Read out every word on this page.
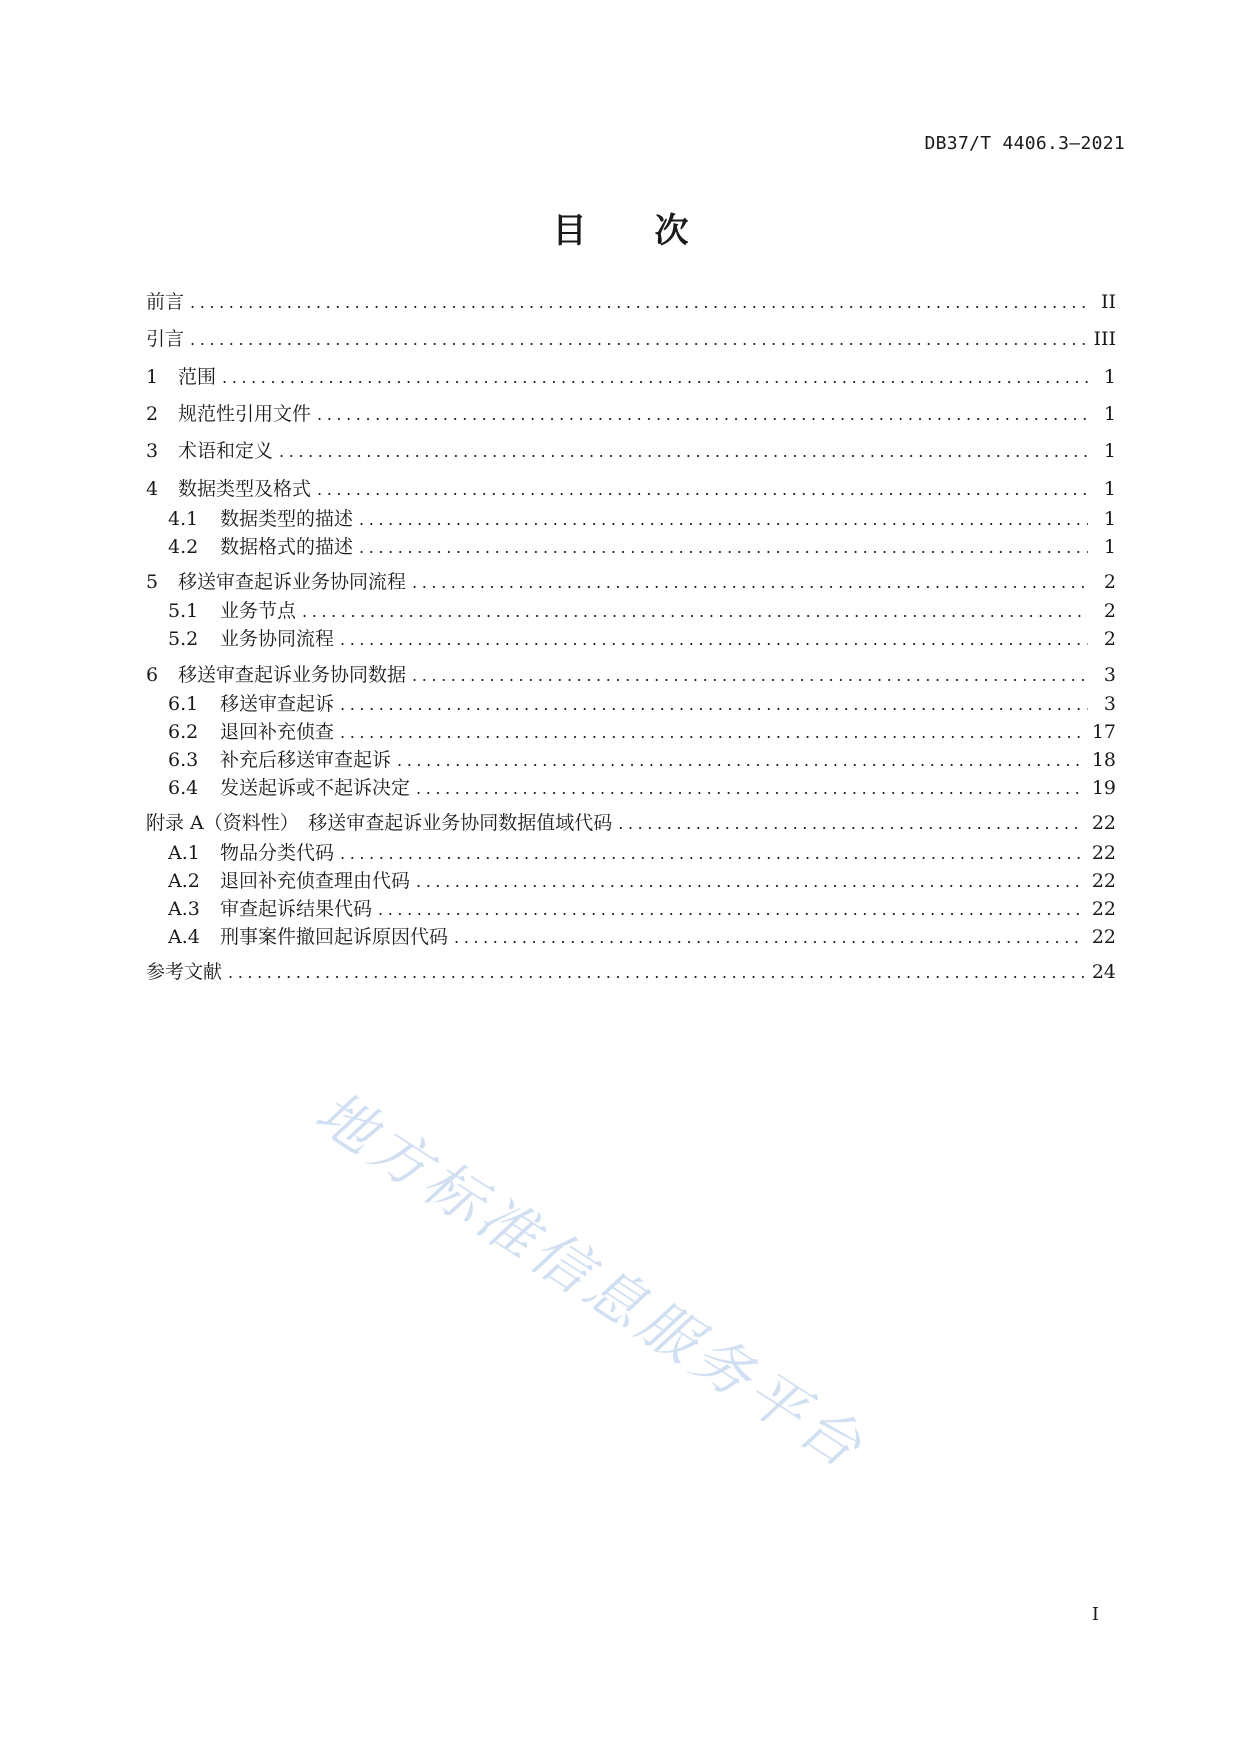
DB37/T 4406.3—2021
目 次
前言 .....	II
引言 .....	III
1	范围 .....	1
2	规范性引用文件 .....	1
3	术语和定义 .....	1
4	数据类型及格式 .....	1
4.1	数据类型的描述 .....	1
4.2	数据格式的描述 .....	1
5	移送审查起诉业务协同流程 .....	2
5.1	业务节点 .....	2
5.2	业务协同流程 .....	2
6	移送审查起诉业务协同数据 .....	3
6.1	移送审查起诉 .....	3
6.2	退回补充侦查 .....	17
6.3	补充后移送审查起诉 .....	18
6.4	发送起诉或不起诉决定 .....	19
附录 A（资料性）　移送审查起诉业务协同数据值域代码 .....	22
A.1	物品分类代码 .....	22
A.2	退回补充侦查理由代码 .....	22
A.3	审查起诉结果代码 .....	22
A.4	刑事案件撤回起诉原因代码 .....	22
参考文献 .....	24
地方标准信息服务平台
I
